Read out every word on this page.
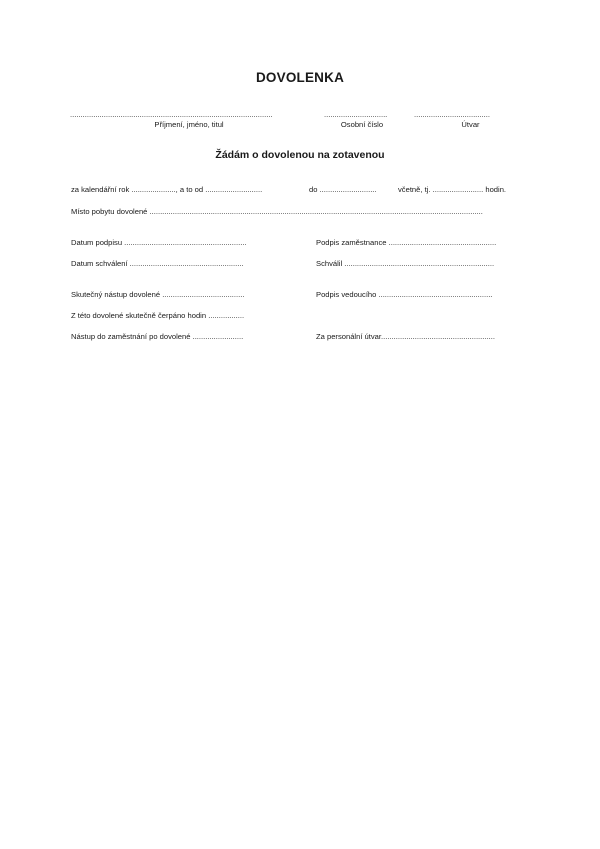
DOVOLENKA
................................................................................................
Příjmení, jméno, titul
..............................
Osobní číslo
....................................
Útvar
Žádám o dovolenou na zotavenou
za kalendářní rok ....................., a to od ...........................	do ...........................	včetně, tj. ........................ hodin.
Místo pobytu dovolené ..............................................................................................................................................................
Datum podpisu ..........................................................	Podpis zaměstnance ...................................................
Datum schválení ......................................................	Schválil .......................................................................
Skutečný nástup dovolené .......................................	Podpis vedoucího ......................................................
Z této dovolené skutečně čerpáno hodin .................
Nástup do zaměstnání po dovolené ........................	Za personální útvar......................................................
